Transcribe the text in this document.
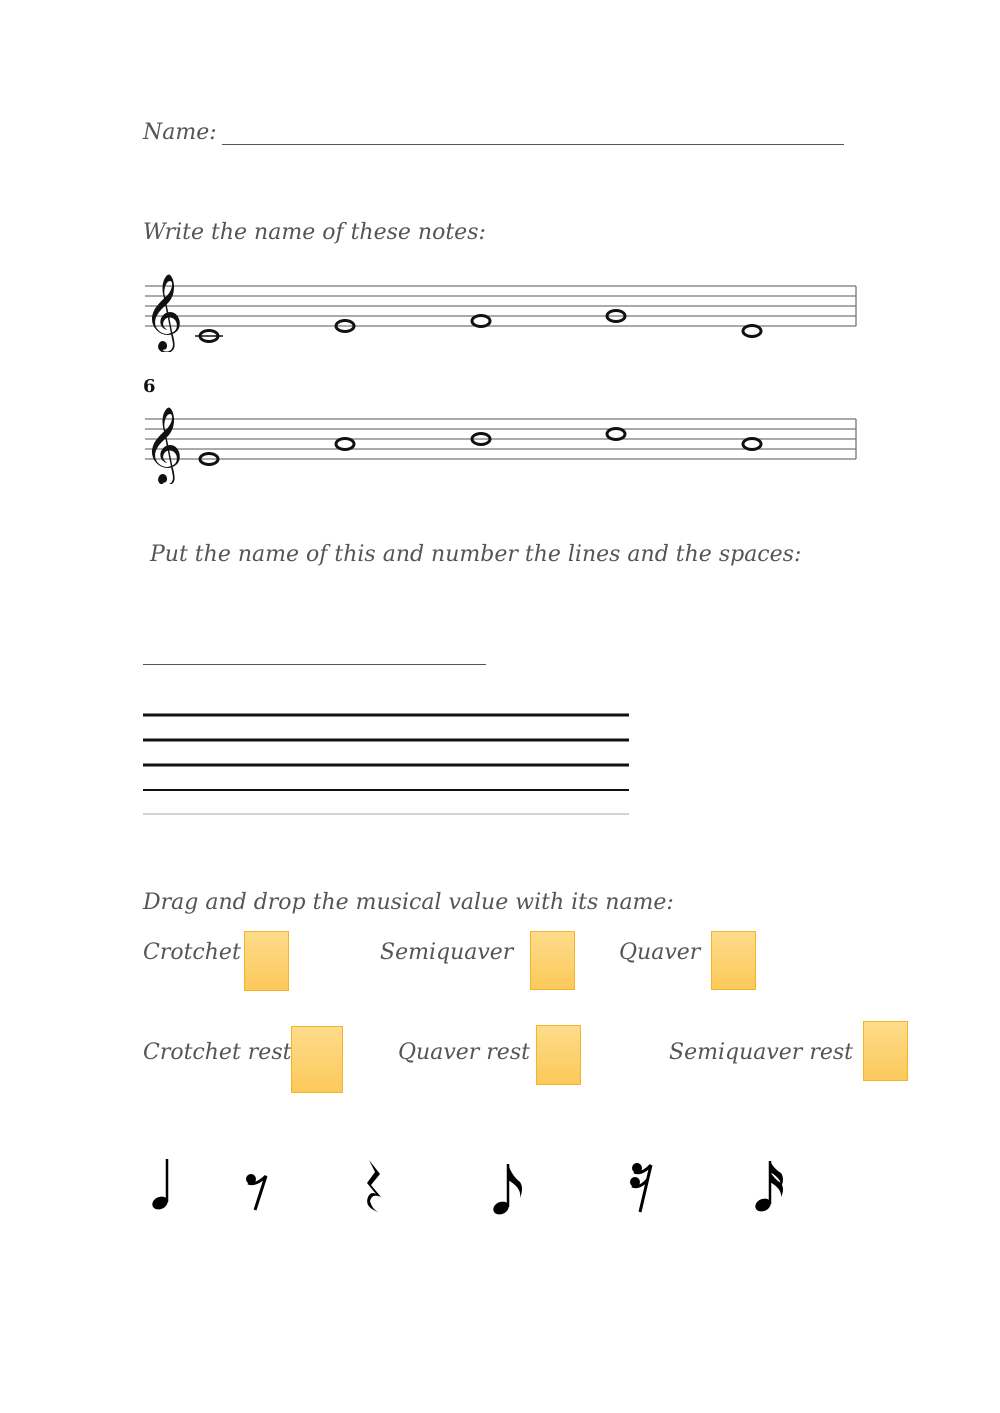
Name:
Write the name of these notes:
𝄞
6
𝄞
Put the name of this and number the lines and the spaces:
Drag and drop the musical value with its name:
Crotchet	Semiquaver	Quaver
Crotchet rest	Quaver rest	Semiquaver rest
